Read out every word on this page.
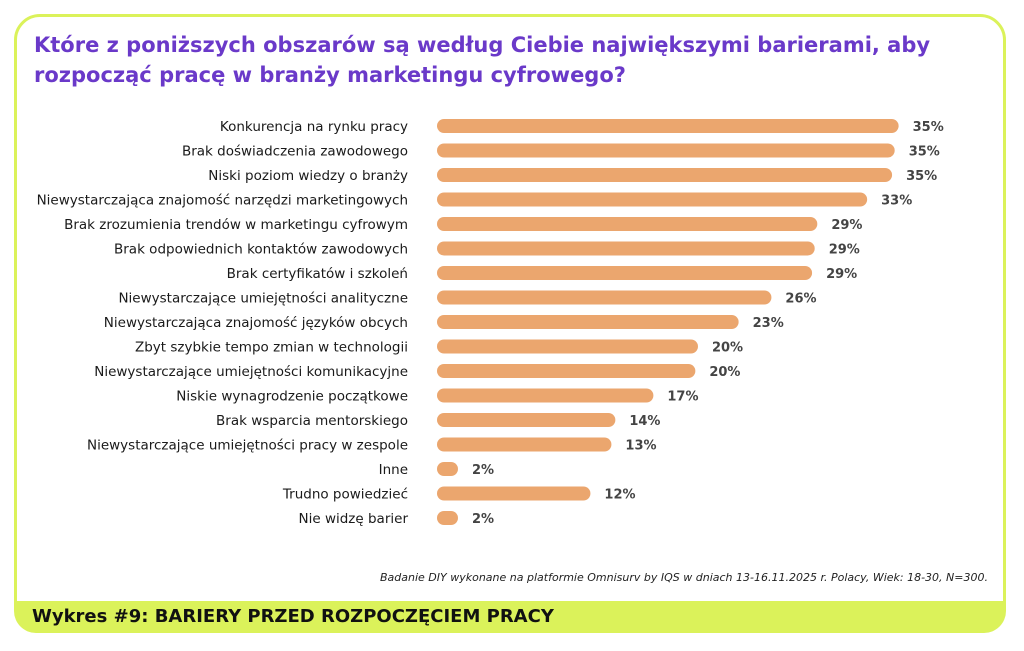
Które z poniższych obszarów są według Ciebie największymi barierami, aby rozpocząć pracę w branży marketingu cyfrowego?
Konkurencja na rynku pracy	35%
Brak doświadczenia zawodowego	35%
Niski poziom wiedzy o branży	35%
Niewystarczająca znajomość narzędzi marketingowych	33%
Brak zrozumienia trendów w marketingu cyfrowym	29%
Brak odpowiednich kontaktów zawodowych	29%
Brak certyfikatów i szkoleń	29%
Niewystarczające umiejętności analityczne	26%
Niewystarczająca znajomość języków obcych	23%
Zbyt szybkie tempo zmian w technologii	20%
Niewystarczające umiejętności komunikacyjne	20%
Niskie wynagrodzenie początkowe	17%
Brak wsparcia mentorskiego	14%
Niewystarczające umiejętności pracy w zespole	13%
Inne	2%
Trudno powiedzieć	12%
Nie widzę barier	2%
Badanie DIY wykonane na platformie Omnisurv by IQS w dniach 13-16.11.2025 r. Polacy, Wiek: 18-30, N=300.
Wykres #9: BARIERY PRZED ROZPOCZĘCIEM PRACY
